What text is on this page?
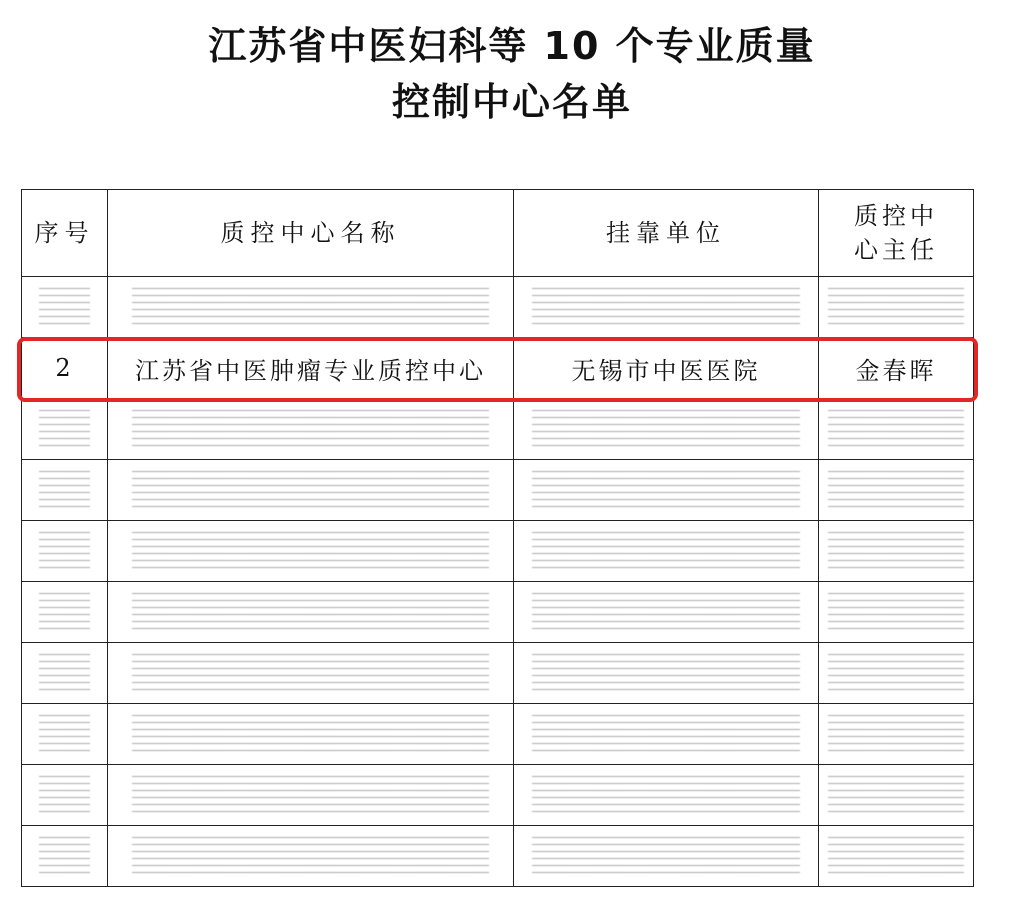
江苏省中医妇科等 10 个专业质量
控制中心名单
序号	质控中心名称	挂靠单位	质控中心主任

2	江苏省中医肿瘤专业质控中心	无锡市中医医院	金春晖
